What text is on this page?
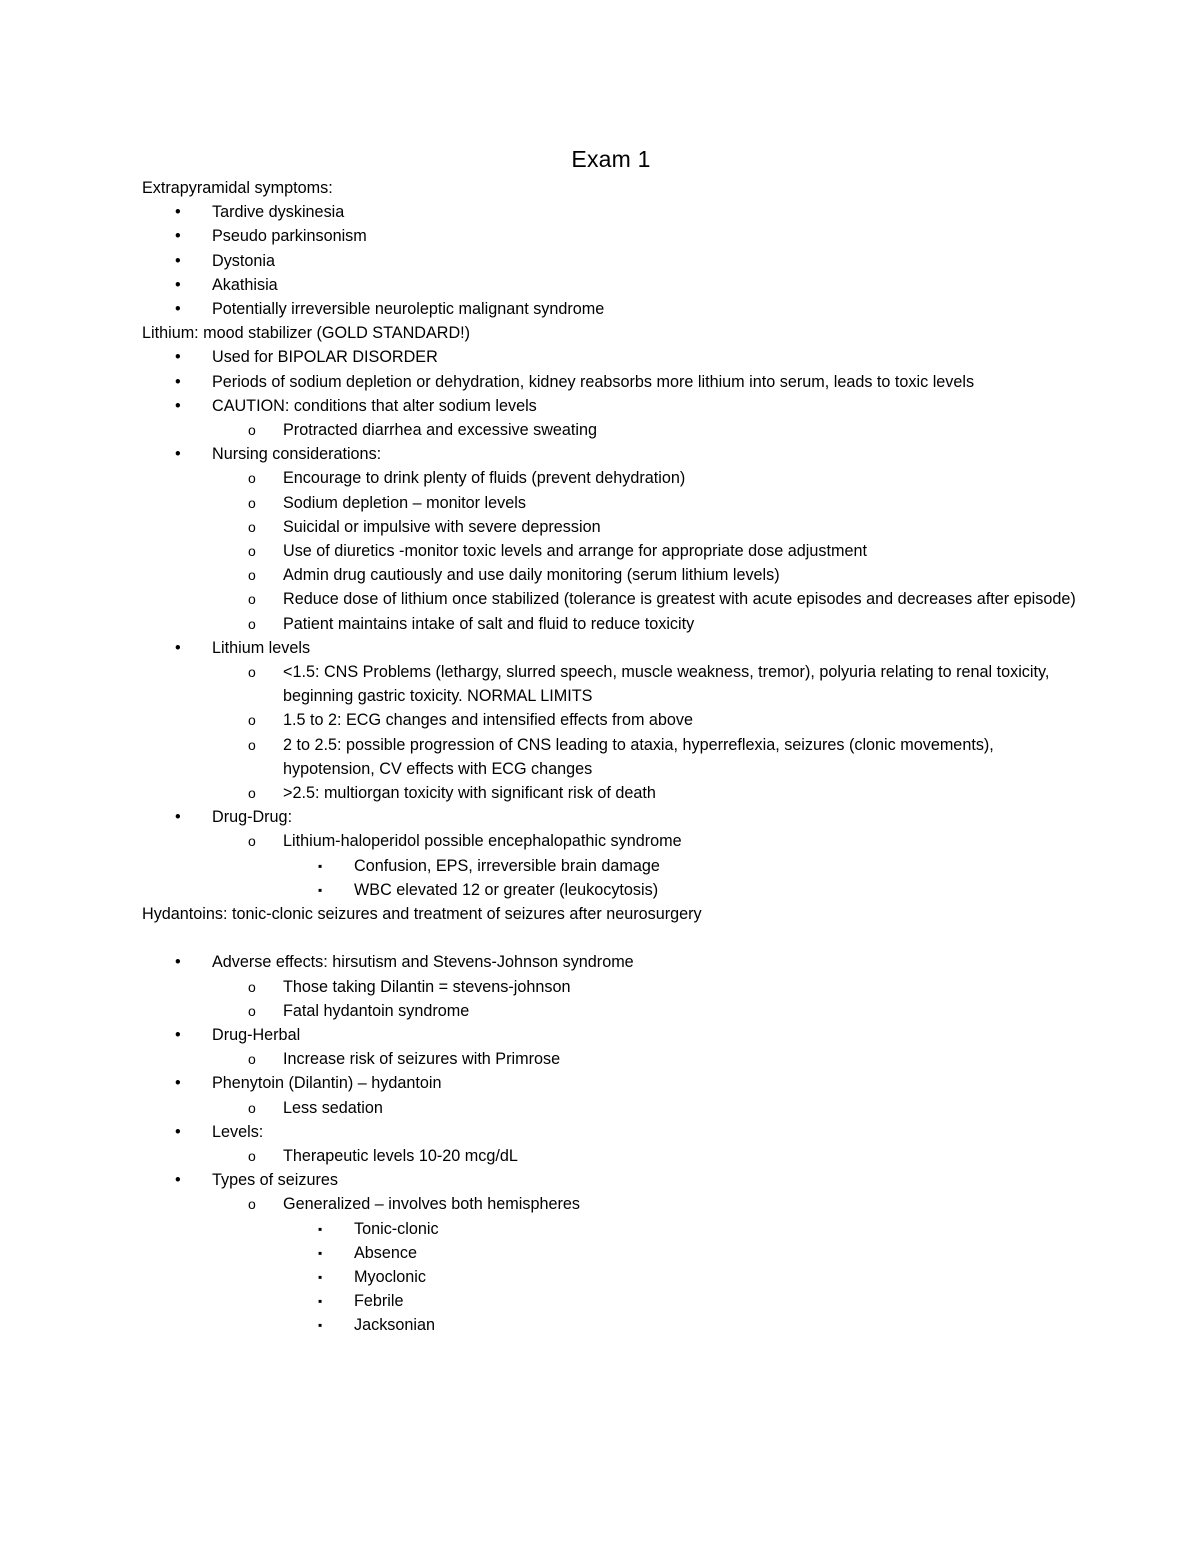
Exam 1
Extrapyramidal symptoms:
• Tardive dyskinesia
• Pseudo parkinsonism
• Dystonia
• Akathisia
• Potentially irreversible neuroleptic malignant syndrome
Lithium: mood stabilizer (GOLD STANDARD!)
• Used for BIPOLAR DISORDER
• Periods of sodium depletion or dehydration, kidney reabsorbs more lithium into serum, leads to toxic levels
• CAUTION: conditions that alter sodium levels
o Protracted diarrhea and excessive sweating
• Nursing considerations:
o Encourage to drink plenty of fluids (prevent dehydration)
o Sodium depletion – monitor levels
o Suicidal or impulsive with severe depression
o Use of diuretics -monitor toxic levels and arrange for appropriate dose adjustment
o Admin drug cautiously and use daily monitoring (serum lithium levels)
o Reduce dose of lithium once stabilized (tolerance is greatest with acute episodes and decreases after episode)
o Patient maintains intake of salt and fluid to reduce toxicity
• Lithium levels
o <1.5: CNS Problems (lethargy, slurred speech, muscle weakness, tremor), polyuria relating to renal toxicity, beginning gastric toxicity. NORMAL LIMITS
o 1.5 to 2: ECG changes and intensified effects from above
o 2 to 2.5: possible progression of CNS leading to ataxia, hyperreflexia, seizures (clonic movements), hypotension, CV effects with ECG changes
o >2.5: multiorgan toxicity with significant risk of death
• Drug-Drug:
o Lithium-haloperidol possible encephalopathic syndrome
▪ Confusion, EPS, irreversible brain damage
▪ WBC elevated 12 or greater (leukocytosis)
Hydantoins: tonic-clonic seizures and treatment of seizures after neurosurgery
• Adverse effects: hirsutism and Stevens-Johnson syndrome
o Those taking Dilantin = stevens-johnson
o Fatal hydantoin syndrome
• Drug-Herbal
o Increase risk of seizures with Primrose
• Phenytoin (Dilantin) – hydantoin
o Less sedation
• Levels:
o Therapeutic levels 10-20 mcg/dL
• Types of seizures
o Generalized – involves both hemispheres
▪ Tonic-clonic
▪ Absence
▪ Myoclonic
▪ Febrile
▪ Jacksonian
